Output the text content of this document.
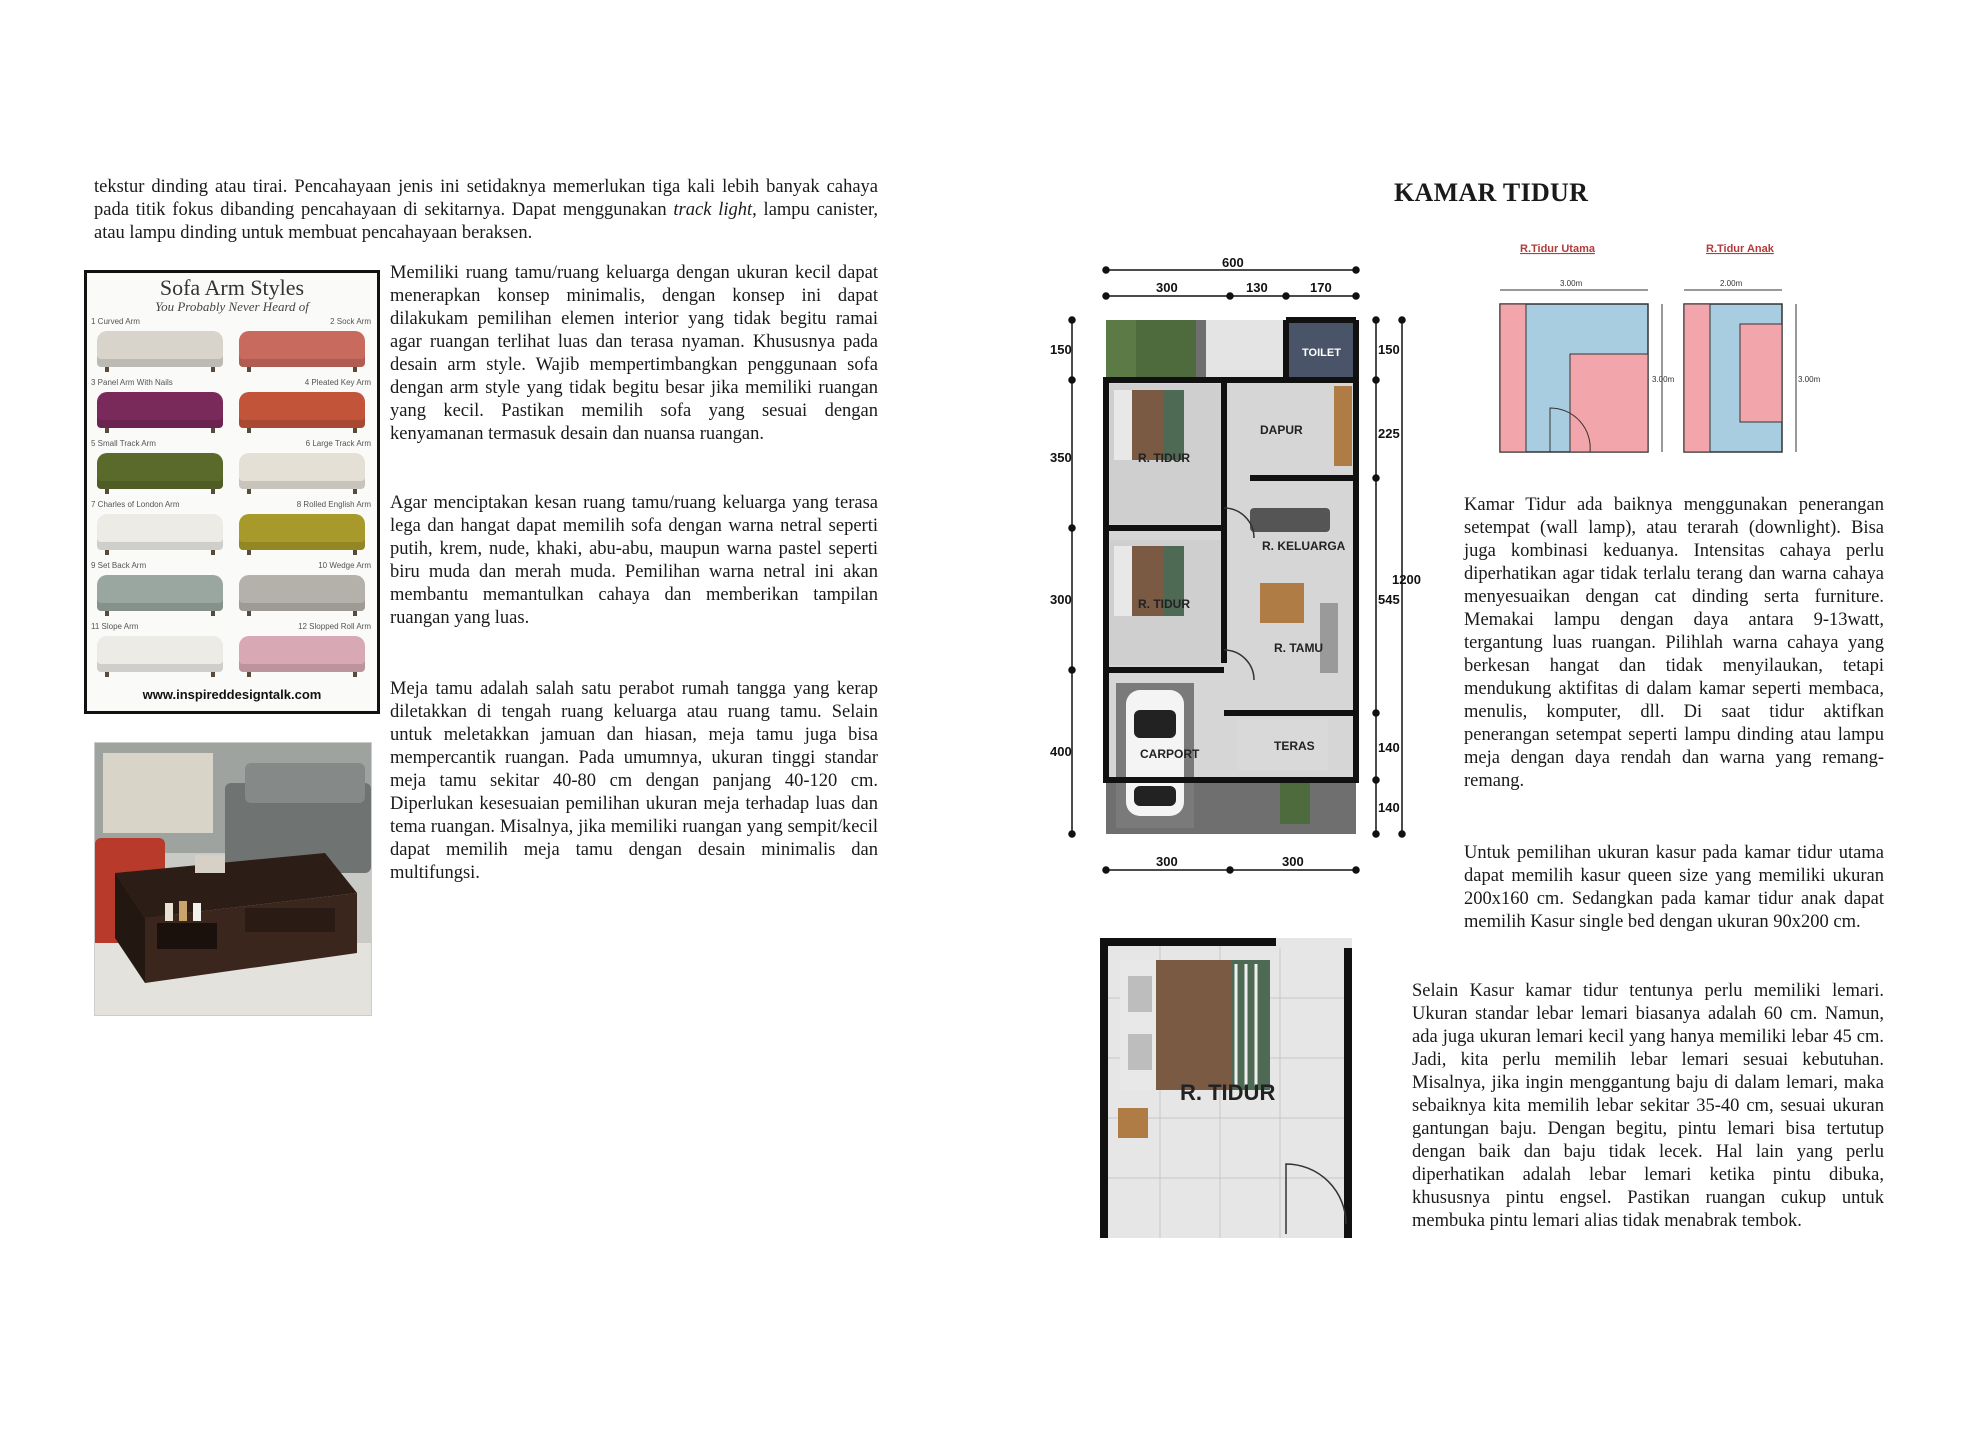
tekstur dinding atau tirai. Pencahayaan jenis ini setidaknya memerlukan tiga kali lebih banyak cahaya pada titik fokus dibanding pencahayaan di sekitarnya. Dapat menggunakan track light, lampu canister, atau lampu dinding untuk membuat pencahayaan beraksen.
Sofa Arm Styles
You Probably Never Heard of
1 Curved Arm	2 Sock Arm
3 Panel Arm With Nails	4 Pleated Key Arm
5 Small Track Arm	6 Large Track Arm
7 Charles of London Arm	8 Rolled English Arm
9 Set Back Arm	10 Wedge Arm
11 Slope Arm	12 Slopped Roll Arm
www.inspireddesigntalk.com
Memiliki ruang tamu/ruang keluarga dengan ukuran kecil dapat menerapkan konsep minimalis, dengan konsep ini dapat dilakukam pemilihan elemen interior yang tidak begitu ramai agar ruangan terlihat luas dan terasa nyaman. Khususnya pada desain arm style. Wajib mempertimbangkan penggunaan sofa dengan arm style yang tidak begitu besar jika memiliki ruangan yang kecil. Pastikan memilih sofa yang sesuai dengan kenyamanan termasuk desain dan nuansa ruangan.
Agar menciptakan kesan ruang tamu/ruang keluarga yang terasa lega dan hangat dapat memilih sofa dengan warna netral seperti putih, krem, nude, khaki, abu-abu, maupun warna pastel seperti biru muda dan merah muda. Pemilihan warna netral ini akan membantu memantulkan cahaya dan memberikan tampilan ruangan yang luas.
Meja tamu adalah salah satu perabot rumah tangga yang kerap diletakkan di tengah ruang keluarga atau ruang tamu. Selain untuk meletakkan jamuan dan hiasan, meja tamu juga bisa mempercantik ruangan. Pada umumnya, ukuran tinggi standar meja tamu sekitar 40-80 cm dengan panjang 40-120 cm. Diperlukan kesesuaian pemilihan ukuran meja terhadap luas dan tema ruangan. Misalnya, jika memiliki ruangan yang sempit/kecil dapat memilih meja tamu dengan desain minimalis dan multifungsi.
KAMAR TIDUR
TOILET
DAPUR
R. TIDUR
R. TIDUR
R. KELUARGA
R. TAMU
CARPORT
TERAS
600
300	130	170
300	300
150
350
300
400
150
225
545
140
140
1200
R.Tidur Utama	R.Tidur Anak
3.00m
3.00m
2.00m
3.00m
R. TIDUR
Kamar Tidur ada baiknya menggunakan penerangan setempat (wall lamp), atau terarah (downlight). Bisa juga kombinasi keduanya. Intensitas cahaya perlu diperhatikan agar tidak terlalu terang dan warna cahaya menyesuaikan dengan cat dinding serta furniture. Memakai lampu dengan daya antara 9-13watt, tergantung luas ruangan. Pilihlah warna cahaya yang berkesan hangat dan tidak menyilaukan, tetapi mendukung aktifitas di dalam kamar seperti membaca, menulis, komputer, dll. Di saat tidur aktifkan penerangan setempat seperti lampu dinding atau lampu meja dengan daya rendah dan warna yang remang-remang.
Untuk pemilihan ukuran kasur pada kamar tidur utama dapat memilih kasur queen size yang memiliki ukuran 200x160 cm. Sedangkan pada kamar tidur anak dapat memilih Kasur single bed dengan ukuran 90x200 cm.
Selain Kasur kamar tidur tentunya perlu memiliki lemari. Ukuran standar lebar lemari biasanya adalah 60 cm. Namun, ada juga ukuran lemari kecil yang hanya memiliki lebar 45 cm. Jadi, kita perlu memilih lebar lemari sesuai kebutuhan. Misalnya, jika ingin menggantung baju di dalam lemari, maka sebaiknya kita memilih lebar sekitar 35-40 cm, sesuai ukuran gantungan baju. Dengan begitu, pintu lemari bisa tertutup dengan baik dan baju tidak lecek. Hal lain yang perlu diperhatikan adalah lebar lemari ketika pintu dibuka, khususnya pintu engsel. Pastikan ruangan cukup untuk membuka pintu lemari alias tidak menabrak tembok.
